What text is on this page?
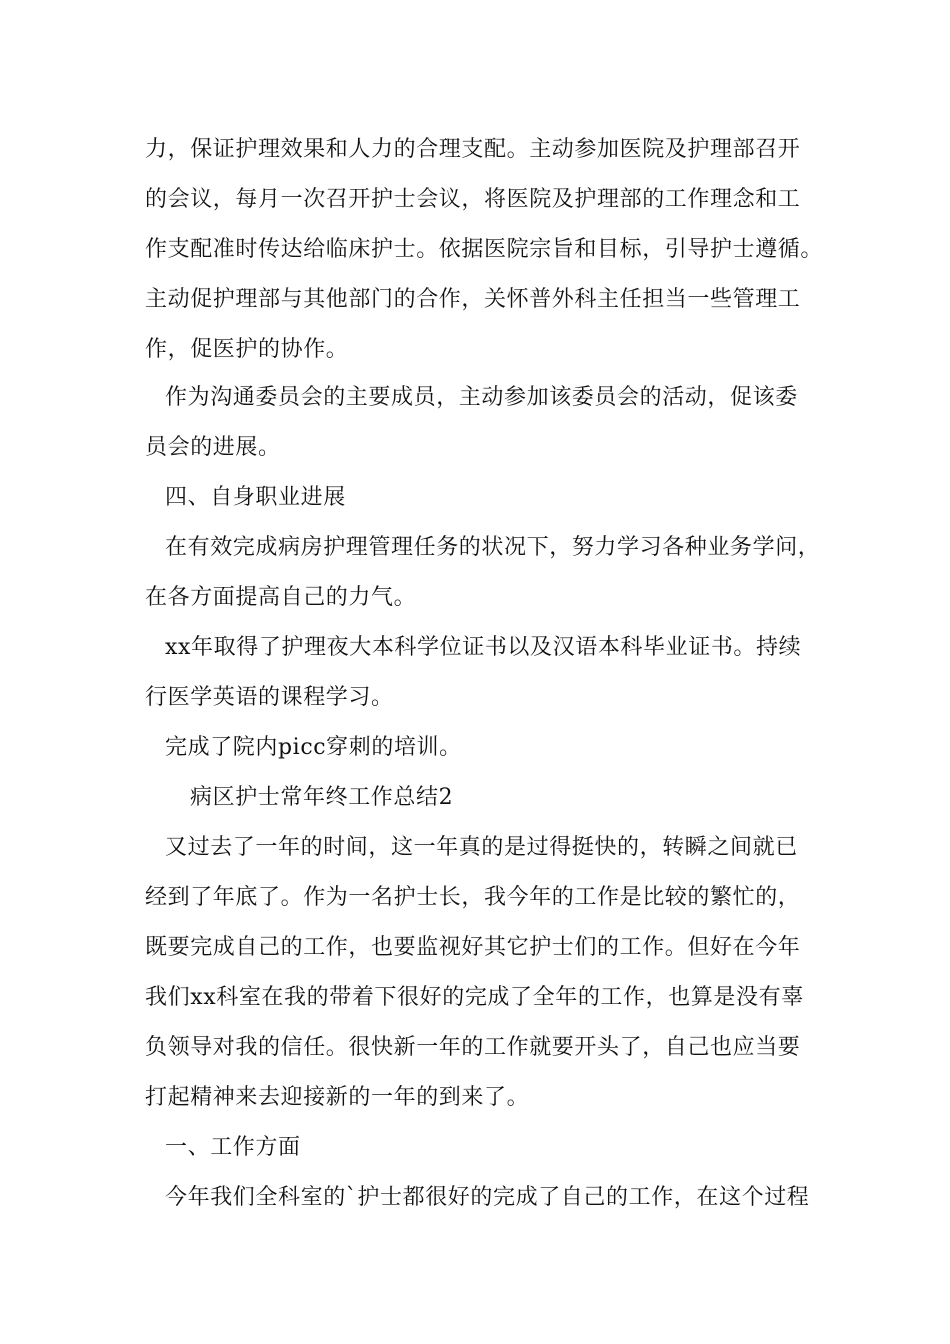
力，保证护理效果和人力的合理支配。主动参加医院及护理部召开
的会议，每月一次召开护士会议，将医院及护理部的工作理念和工
作支配准时传达给临床护士。依据医院宗旨和目标，引导护士遵循。
主动促护理部与其他部门的合作，关怀普外科主任担当一些管理工
作，促医护的协作。
作为沟通委员会的主要成员，主动参加该委员会的活动，促该委
员会的进展。
四、自身职业进展
在有效完成病房护理管理任务的状况下，努力学习各种业务学问，
在各方面提高自己的力气。
xx年取得了护理夜大本科学位证书以及汉语本科毕业证书。持续
行医学英语的课程学习。
完成了院内picc穿刺的培训。
病区护士常年终工作总结2
又过去了一年的时间，这一年真的是过得挺快的，转瞬之间就已
经到了年底了。作为一名护士长，我今年的工作是比较的繁忙的，
既要完成自己的工作，也要监视好其它护士们的工作。但好在今年
我们xx科室在我的带着下很好的完成了全年的工作，也算是没有辜
负领导对我的信任。很快新一年的工作就要开头了，自己也应当要
打起精神来去迎接新的一年的到来了。
一、工作方面
今年我们全科室的`护士都很好的完成了自己的工作，在这个过程
